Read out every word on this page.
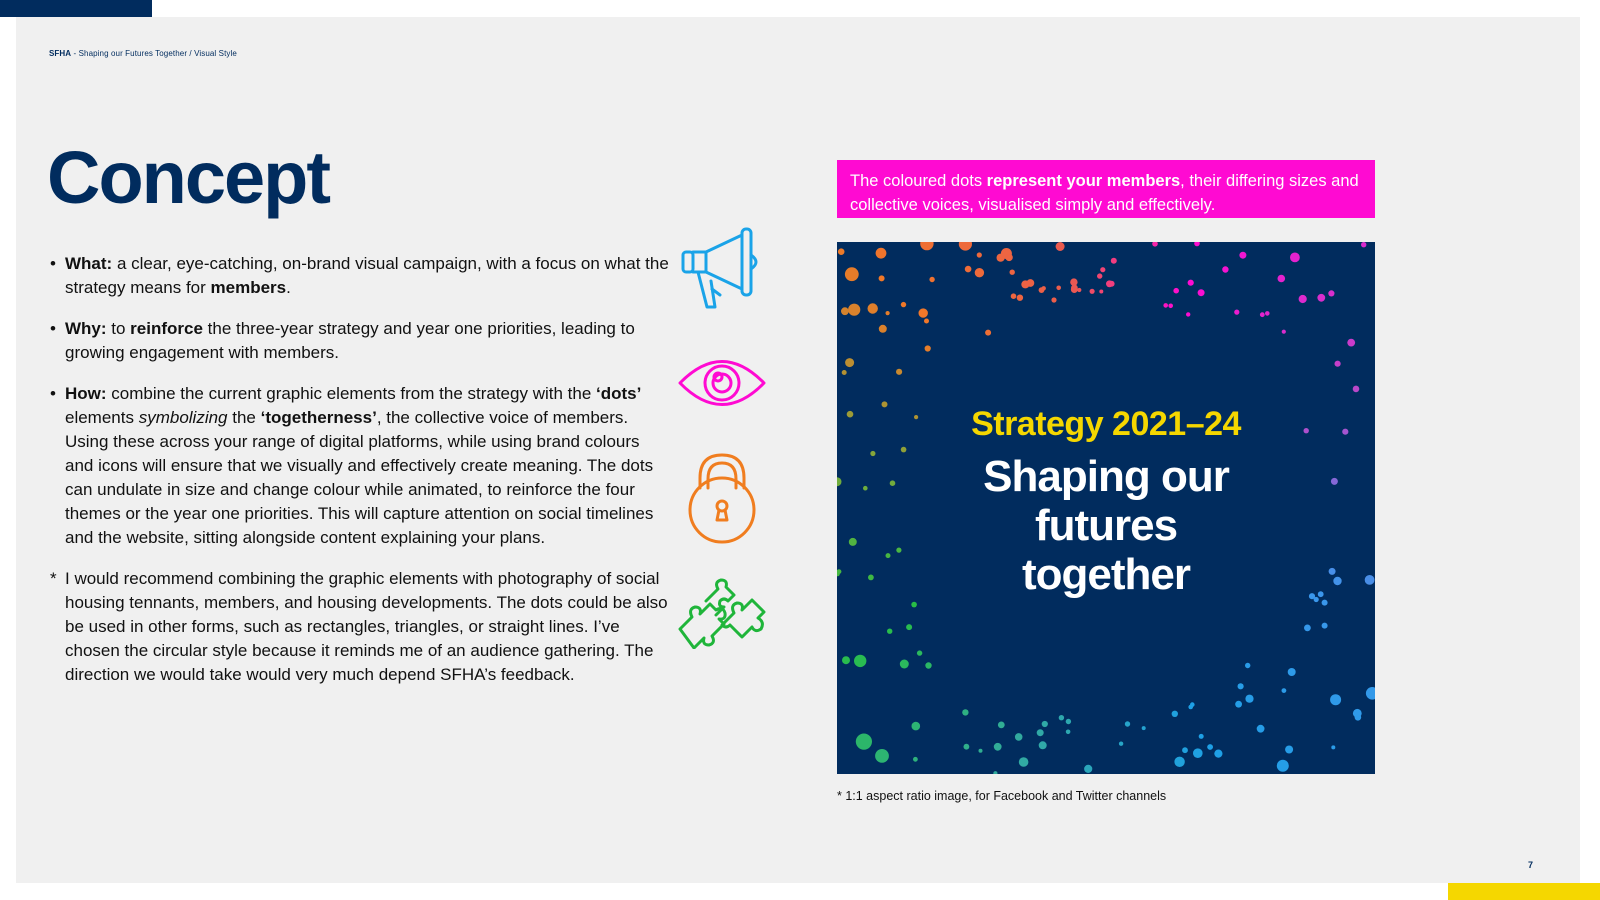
SFHA - Shaping our Futures Together / Visual Style
Concept
• What: a clear, eye-catching, on-brand visual campaign, with a focus on what the strategy means for members.
• Why: to reinforce the three-year strategy and year one priorities, leading to growing engagement with members.
• How: combine the current graphic elements from the strategy with the ‘dots’ elements symbolizing the ‘togetherness’, the collective voice of members. Using these across your range of digital platforms, while using brand colours and icons will ensure that we visually and effectively create meaning. The dots can undulate in size and change colour while animated, to reinforce the four themes or the year one priorities. This will capture attention on social timelines and the website, sitting alongside content explaining your plans.
* I would recommend combining the graphic elements with photography of social housing tennants, members, and housing developments. The dots could be also be used in other forms, such as rectangles, triangles, or straight lines. I’ve chosen the circular style because it reminds me of an audience gathering. The direction we would take would very much depend SFHA’s feedback.
The coloured dots represent your members, their differing sizes and collective voices, visualised simply and effectively.
Strategy 2021–24
Shaping our futures together
* 1:1 aspect ratio image, for Facebook and Twitter channels
7
